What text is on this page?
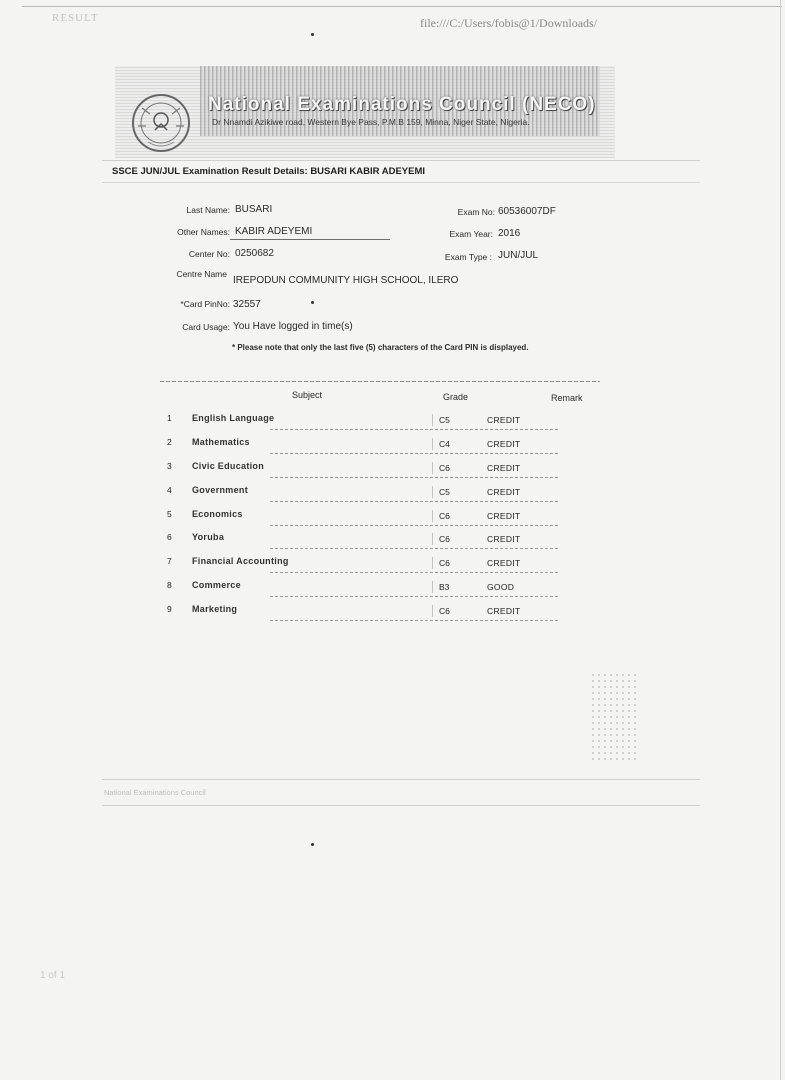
RESULT	file:///C:/Users/fobis@1/Downloads/
National Examinations Council (NECO)
Dr Nnamdi Azikiwe road, Western Bye Pass, P.M.B 159, Minna, Niger State, Nigeria.
SSCE JUN/JUL Examination Result Details: BUSARI KABIR ADEYEMI
Last Name: BUSARI
Other Names: KABIR ADEYEMI
Center No: 0250682
Centre Name
IREPODUN COMMUNITY HIGH SCHOOL, ILERO
*Card PinNo: 32557
Card Usage: You Have logged in time(s)
Exam No: 60536007DF
Exam Year: 2016
Exam Type : JUN/JUL
* Please note that only the last five (5) characters of the Card PIN is displayed.
Subject	Grade	Remark
1 English Language	C5	CREDIT
2 Mathematics	C4	CREDIT
3 Civic Education	C6	CREDIT
4 Government	C5	CREDIT
5 Economics	C6	CREDIT
6 Yoruba	C6	CREDIT
7 Financial Accounting	C6	CREDIT
8 Commerce	B3	GOOD
9 Marketing	C6	CREDIT
National Examinations Council
1 of 1
